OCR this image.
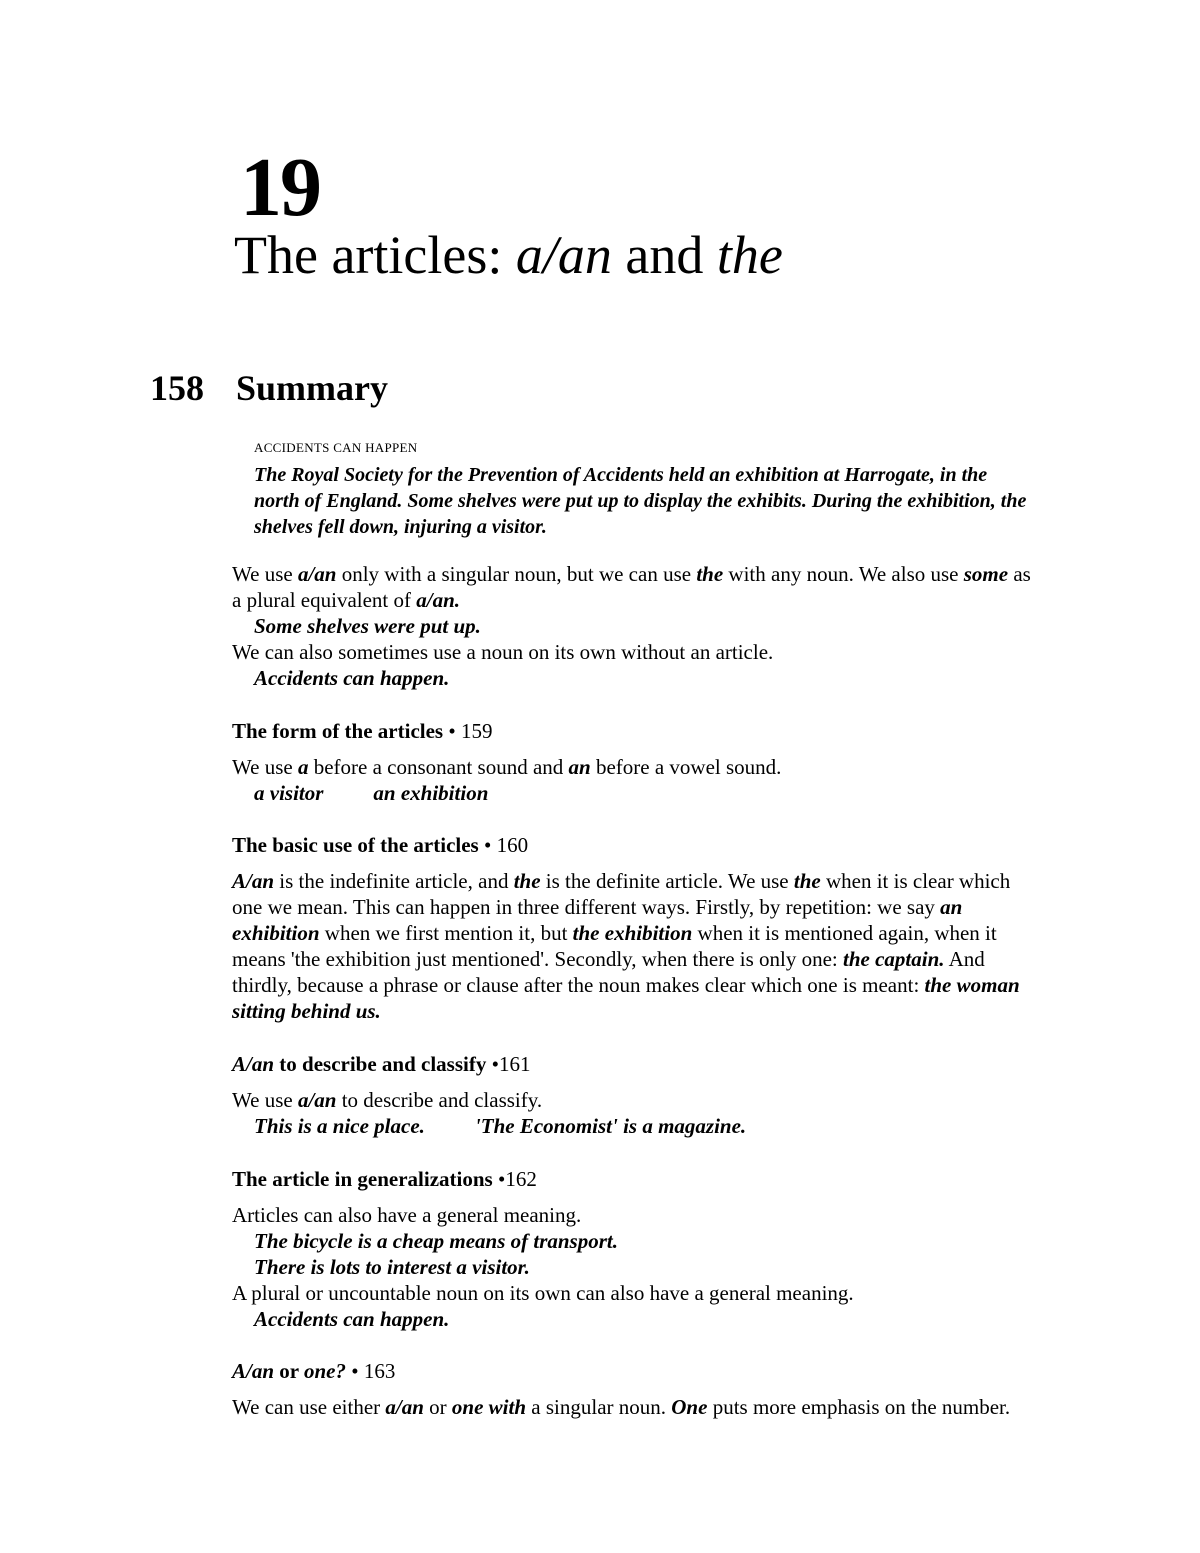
19
The articles: a/an and the
158 Summary

ACCIDENTS CAN HAPPEN

The Royal Society for the Prevention of Accidents held an exhibition at Harrogate, in the north of England. Some shelves were put up to display the exhibits. During the exhibition, the shelves fell down, injuring a visitor.

We use a/an only with a singular noun, but we can use the with any noun. We also use some as a plural equivalent of a/an.

Some shelves were put up.

We can also sometimes use a noun on its own without an article.

Accidents can happen.

The form of the articles • 159

We use a before a consonant sound and an before a vowel sound.

a visitor an exhibition

The basic use of the articles • 160

A/an is the indefinite article, and the is the definite article. We use the when it is clear which one we mean. This can happen in three different ways. Firstly, by repetition: we say an exhibition when we first mention it, but the exhibition when it is mentioned again, when it means 'the exhibition just mentioned'. Secondly, when there is only one: the captain. And thirdly, because a phrase or clause after the noun makes clear which one is meant: the woman sitting behind us.

A/an to describe and classify •161

We use a/an to describe and classify.

This is a nice place. 'The Economist' is a magazine.

The article in generalizations •162

Articles can also have a general meaning.

The bicycle is a cheap means of transport.

There is lots to interest a visitor.

A plural or uncountable noun on its own can also have a general meaning.

Accidents can happen.

A/an or one? • 163

We can use either a/an or one with a singular noun. One puts more emphasis on the number.
